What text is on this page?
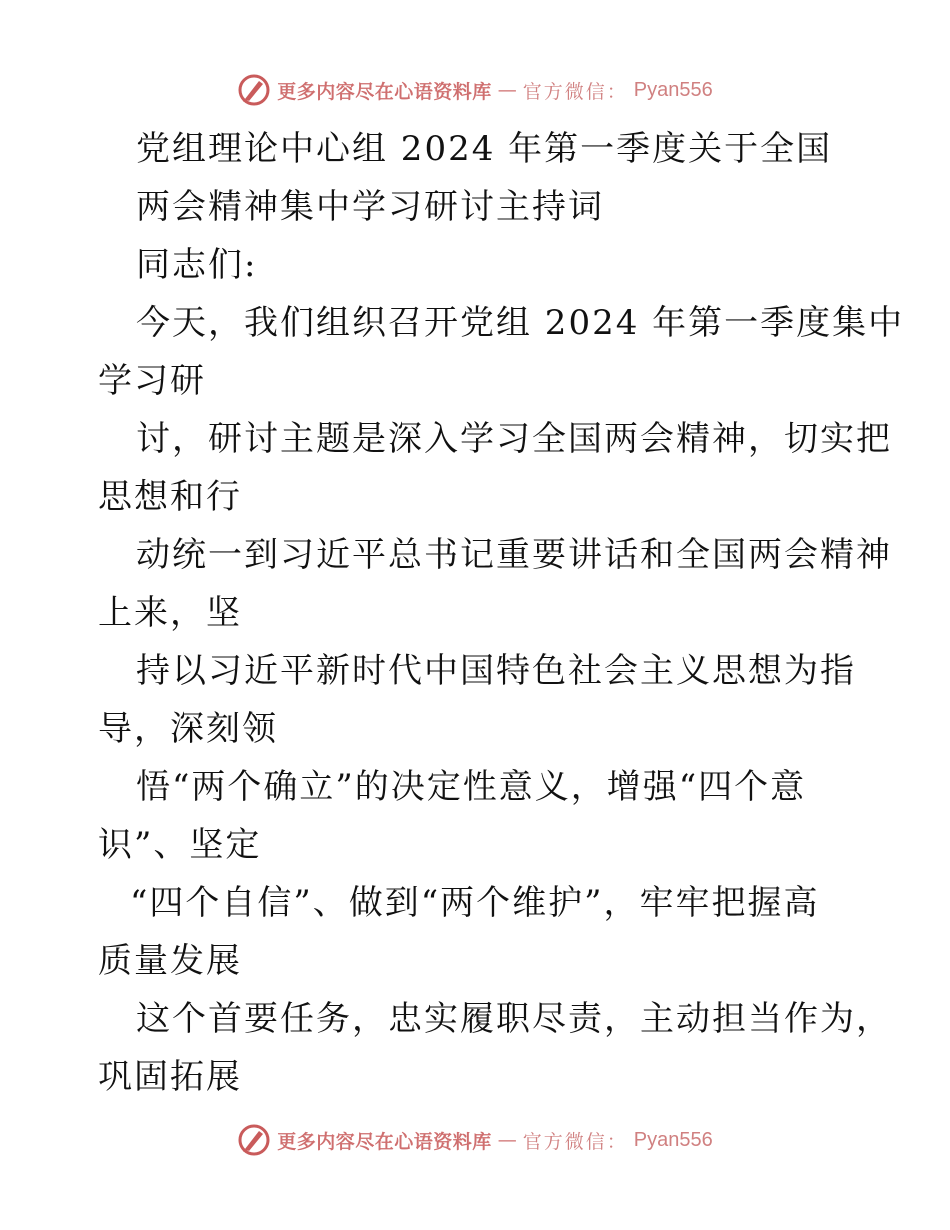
更多内容尽在心语资料库 — 官方微信： Pyan556
党组理论中心组 2024 年第一季度关于全国
两会精神集中学习研讨主持词
同志们:
今天，我们组织召开党组 2024 年第一季度集中
学习研
讨，研讨主题是深入学习全国两会精神，切实把
思想和行
动统一到习近平总书记重要讲话和全国两会精神
上来，坚
持以习近平新时代中国特色社会主义思想为指
导，深刻领
悟“两个确立”的决定性意义，增强“四个意
识”、坚定
“四个自信”、做到“两个维护”，牢牢把握高
质量发展
这个首要任务，忠实履职尽责，主动担当作为，
巩固拓展
更多内容尽在心语资料库 — 官方微信： Pyan556
